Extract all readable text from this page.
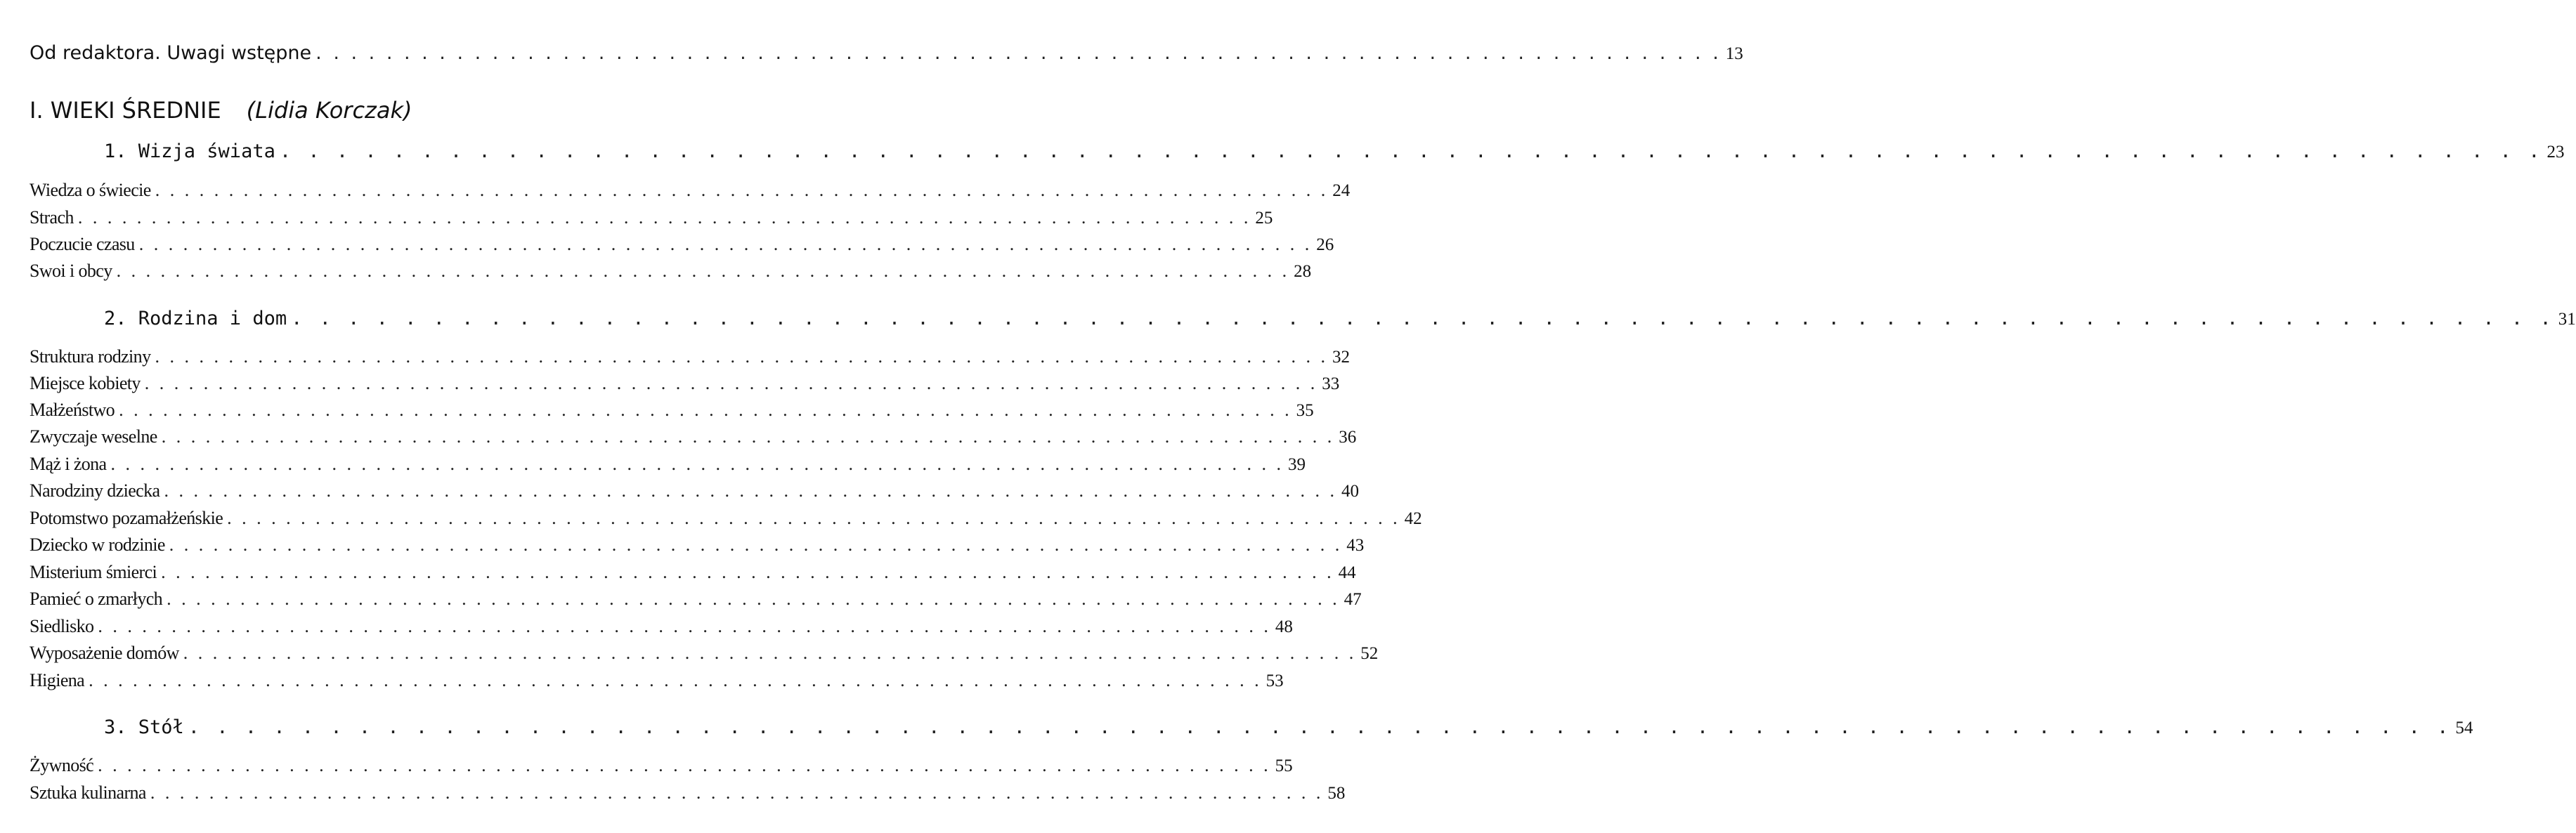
Od redaktora. Uwagi wstępne . . . . . . . . . . . . . . . . . . . . . . . . . . . . . . . . . . . . . . . . . . . . . . . . . . . . . . . . . . . . . . . . . . . . . . . . . . . . . . . . 13
I. WIEKI ŚREDNIE (Lidia Korczak)
1. Wizja świata . . . . . . . . . . . . . . . . . . . . . . . . . . . . . . . . . . . . . . . . . . . . . . . . . . . . . . . . . . . . . . . . . . . . . . . . . . . . . . . . 23
Wiedza o świecie . . . . . . . . . . . . . . . . . . . . . . . . . . . . . . . . . . . . . . . . . . . . . . . . . . . . . . . . . . . . . . . . . . . . . . . . . . . . . . . . 24
Strach . . . . . . . . . . . . . . . . . . . . . . . . . . . . . . . . . . . . . . . . . . . . . . . . . . . . . . . . . . . . . . . . . . . . . . . . . . . . . . . . 25
Poczucie czasu . . . . . . . . . . . . . . . . . . . . . . . . . . . . . . . . . . . . . . . . . . . . . . . . . . . . . . . . . . . . . . . . . . . . . . . . . . . . . . . . 26
Swoi i obcy . . . . . . . . . . . . . . . . . . . . . . . . . . . . . . . . . . . . . . . . . . . . . . . . . . . . . . . . . . . . . . . . . . . . . . . . . . . . . . . . 28
2. Rodzina i dom . . . . . . . . . . . . . . . . . . . . . . . . . . . . . . . . . . . . . . . . . . . . . . . . . . . . . . . . . . . . . . . . . . . . . . . . . . . . . . . . 31
Struktura rodziny . . . . . . . . . . . . . . . . . . . . . . . . . . . . . . . . . . . . . . . . . . . . . . . . . . . . . . . . . . . . . . . . . . . . . . . . . . . . . . . . 32
Miejsce kobiety . . . . . . . . . . . . . . . . . . . . . . . . . . . . . . . . . . . . . . . . . . . . . . . . . . . . . . . . . . . . . . . . . . . . . . . . . . . . . . . . 33
Małżeństwo . . . . . . . . . . . . . . . . . . . . . . . . . . . . . . . . . . . . . . . . . . . . . . . . . . . . . . . . . . . . . . . . . . . . . . . . . . . . . . . . 35
Zwyczaje weselne . . . . . . . . . . . . . . . . . . . . . . . . . . . . . . . . . . . . . . . . . . . . . . . . . . . . . . . . . . . . . . . . . . . . . . . . . . . . . . . . 36
Mąż i żona . . . . . . . . . . . . . . . . . . . . . . . . . . . . . . . . . . . . . . . . . . . . . . . . . . . . . . . . . . . . . . . . . . . . . . . . . . . . . . . . 39
Narodziny dziecka . . . . . . . . . . . . . . . . . . . . . . . . . . . . . . . . . . . . . . . . . . . . . . . . . . . . . . . . . . . . . . . . . . . . . . . . . . . . . . . . 40
Potomstwo pozamałżeńskie . . . . . . . . . . . . . . . . . . . . . . . . . . . . . . . . . . . . . . . . . . . . . . . . . . . . . . . . . . . . . . . . . . . . . . . . . . . . . . . . 42
Dziecko w rodzinie . . . . . . . . . . . . . . . . . . . . . . . . . . . . . . . . . . . . . . . . . . . . . . . . . . . . . . . . . . . . . . . . . . . . . . . . . . . . . . . . 43
Misterium śmierci . . . . . . . . . . . . . . . . . . . . . . . . . . . . . . . . . . . . . . . . . . . . . . . . . . . . . . . . . . . . . . . . . . . . . . . . . . . . . . . . 44
Pamieć o zmarłych . . . . . . . . . . . . . . . . . . . . . . . . . . . . . . . . . . . . . . . . . . . . . . . . . . . . . . . . . . . . . . . . . . . . . . . . . . . . . . . . 47
Siedlisko . . . . . . . . . . . . . . . . . . . . . . . . . . . . . . . . . . . . . . . . . . . . . . . . . . . . . . . . . . . . . . . . . . . . . . . . . . . . . . . . 48
Wyposażenie domów . . . . . . . . . . . . . . . . . . . . . . . . . . . . . . . . . . . . . . . . . . . . . . . . . . . . . . . . . . . . . . . . . . . . . . . . . . . . . . . . 52
Higiena . . . . . . . . . . . . . . . . . . . . . . . . . . . . . . . . . . . . . . . . . . . . . . . . . . . . . . . . . . . . . . . . . . . . . . . . . . . . . . . . 53
3. Stół . . . . . . . . . . . . . . . . . . . . . . . . . . . . . . . . . . . . . . . . . . . . . . . . . . . . . . . . . . . . . . . . . . . . . . . . . . . . . . . . 54
Żywność . . . . . . . . . . . . . . . . . . . . . . . . . . . . . . . . . . . . . . . . . . . . . . . . . . . . . . . . . . . . . . . . . . . . . . . . . . . . . . . . 55
Sztuka kulinarna . . . . . . . . . . . . . . . . . . . . . . . . . . . . . . . . . . . . . . . . . . . . . . . . . . . . . . . . . . . . . . . . . . . . . . . . . . . . . . . . 58
